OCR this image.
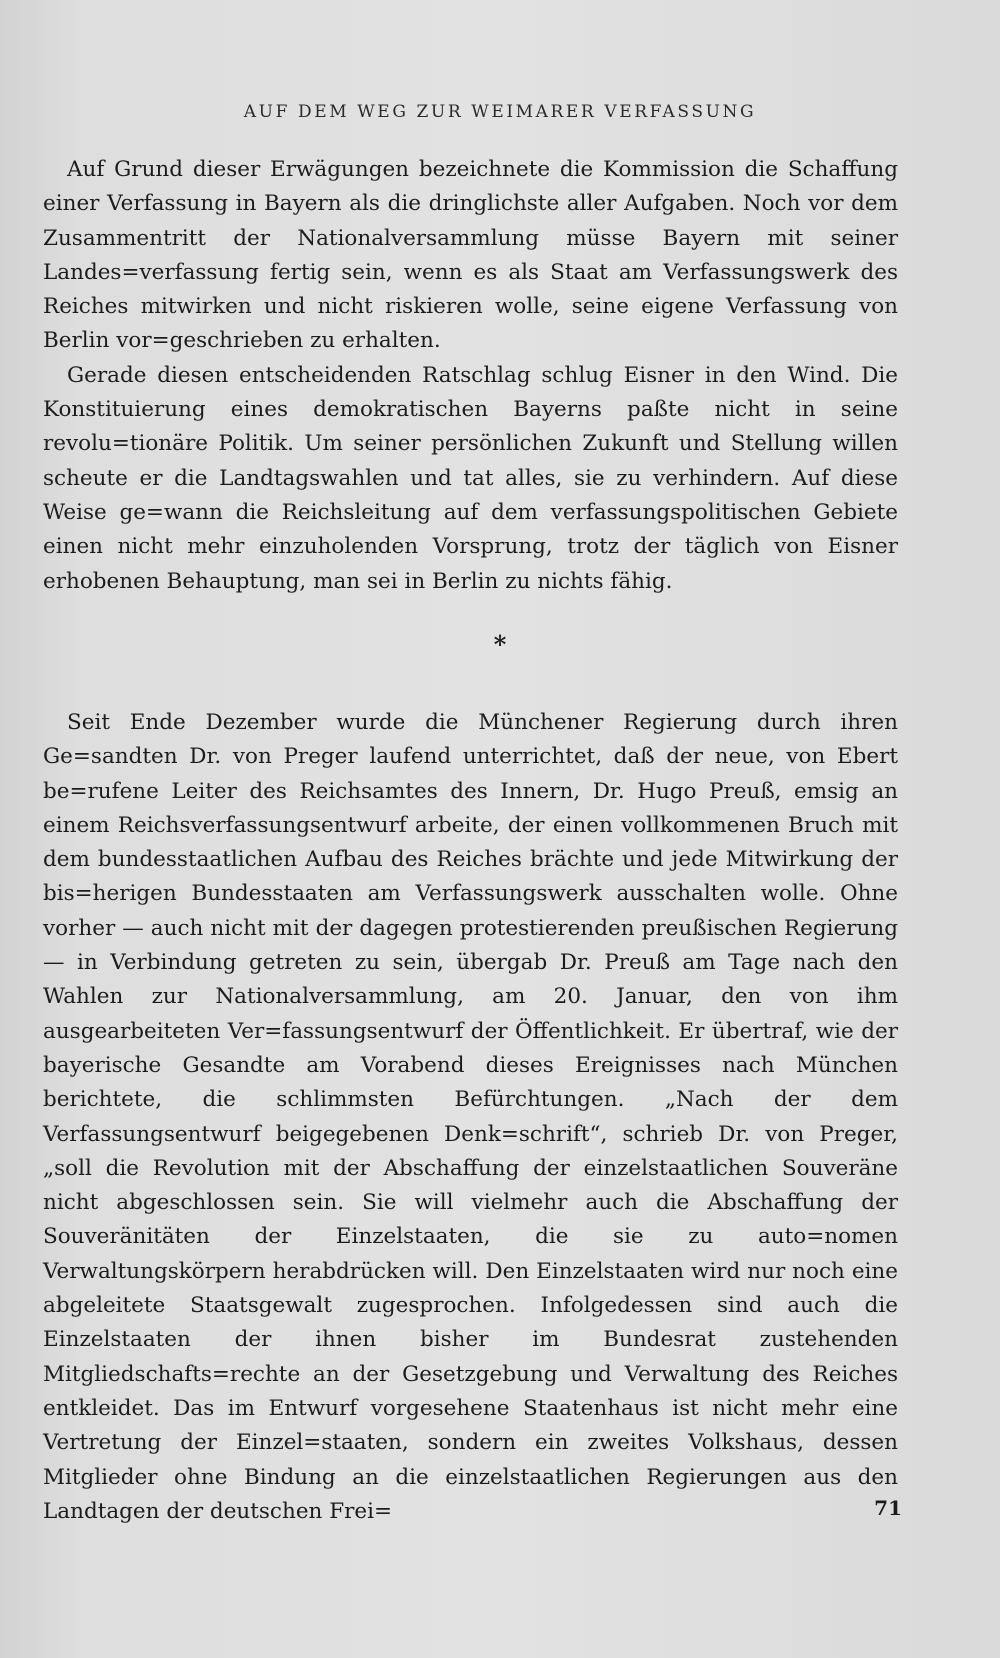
AUF DEM WEG ZUR WEIMARER VERFASSUNG

Auf Grund dieser Erwägungen bezeichnete die Kommission die Schaffung einer Verfassung in Bayern als die dringlichste aller Aufgaben. Noch vor dem Zusammentritt der Nationalversammlung müsse Bayern mit seiner Landes=verfassung fertig sein, wenn es als Staat am Verfassungswerk des Reiches mitwirken und nicht riskieren wolle, seine eigene Verfassung von Berlin vor=geschrieben zu erhalten.

Gerade diesen entscheidenden Ratschlag schlug Eisner in den Wind. Die Konstituierung eines demokratischen Bayerns paßte nicht in seine revolu=tionäre Politik. Um seiner persönlichen Zukunft und Stellung willen scheute er die Landtagswahlen und tat alles, sie zu verhindern. Auf diese Weise ge=wann die Reichsleitung auf dem verfassungspolitischen Gebiete einen nicht mehr einzuholenden Vorsprung, trotz der täglich von Eisner erhobenen Behauptung, man sei in Berlin zu nichts fähig.

*

Seit Ende Dezember wurde die Münchener Regierung durch ihren Ge=sandten Dr. von Preger laufend unterrichtet, daß der neue, von Ebert be=rufene Leiter des Reichsamtes des Innern, Dr. Hugo Preuß, emsig an einem Reichsverfassungsentwurf arbeite, der einen vollkommenen Bruch mit dem bundesstaatlichen Aufbau des Reiches brächte und jede Mitwirkung der bis=herigen Bundesstaaten am Verfassungswerk ausschalten wolle. Ohne vorher — auch nicht mit der dagegen protestierenden preußischen Regierung — in Verbindung getreten zu sein, übergab Dr. Preuß am Tage nach den Wahlen zur Nationalversammlung, am 20. Januar, den von ihm ausgearbeiteten Ver=fassungsentwurf der Öffentlichkeit. Er übertraf, wie der bayerische Gesandte am Vorabend dieses Ereignisses nach München berichtete, die schlimmsten Befürchtungen. „Nach der dem Verfassungsentwurf beigegebenen Denk=schrift“, schrieb Dr. von Preger, „soll die Revolution mit der Abschaffung der einzelstaatlichen Souveräne nicht abgeschlossen sein. Sie will vielmehr auch die Abschaffung der Souveränitäten der Einzelstaaten, die sie zu auto=nomen Verwaltungskörpern herabdrücken will. Den Einzelstaaten wird nur noch eine abgeleitete Staatsgewalt zugesprochen. Infolgedessen sind auch die Einzelstaaten der ihnen bisher im Bundesrat zustehenden Mitgliedschafts=rechte an der Gesetzgebung und Verwaltung des Reiches entkleidet. Das im Entwurf vorgesehene Staatenhaus ist nicht mehr eine Vertretung der Einzel=staaten, sondern ein zweites Volkshaus, dessen Mitglieder ohne Bindung an die einzelstaatlichen Regierungen aus den Landtagen der deutschen Frei=	71
